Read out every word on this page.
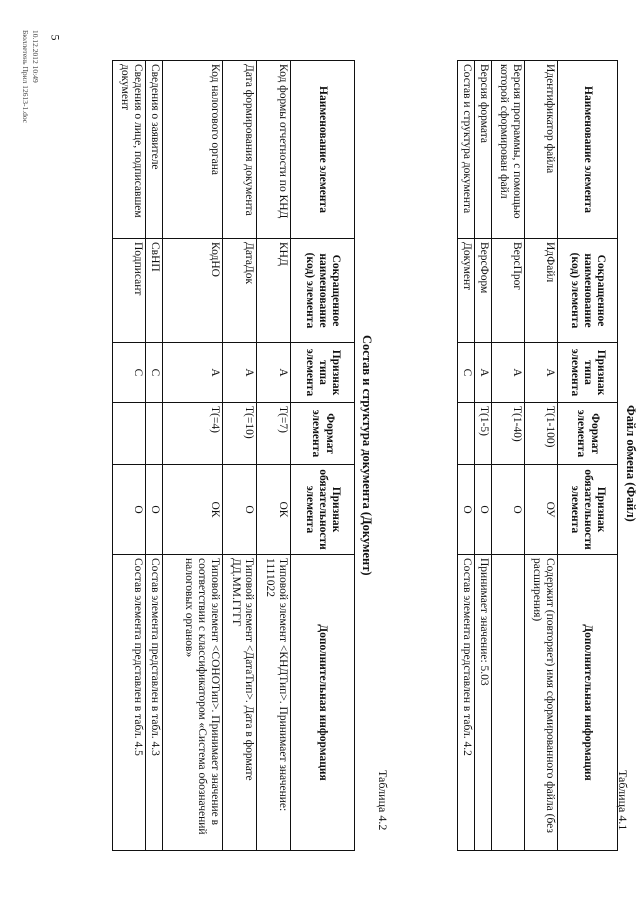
5
Таблица 4.1
Файл обмена (Файл)
Наименование элемента	Сокращенное наименование (код) элемента	Признак типа элемента	Формат элемента	Признак обязательности элемента	Дополнительная информация
Идентификатор файла	ИдФайл	А	T(1-100)	ОУ	Содержит (повторяет) имя сформированного файла (без расширения)
Версия программы, с помощью которой сформирован файл	ВерсПрог	А	T(1-40)	О	
Версия формата	ВерсФорм	А	T(1-5)	О	Принимает значение: 5.03
Состав и структура документа	Документ	С		О	Состав элемента представлен в табл. 4.2
Таблица 4.2
Состав и структура документа (Документ)
Наименование элемента	Сокращенное наименование (код) элемента	Признак типа элемента	Формат элемента	Признак обязательности элемента	Дополнительная информация
Код формы отчетности по КНД	КНД	А	T(=7)	ОК	Типовой элемент <КНДТип>. Принимает значение: 1111022
Дата формирования документа	ДатаДок	А	T(=10)	О	Типовой элемент <ДатаТип>. Дата в формате ДД.ММ.ГГГГ
Код налогового органа	КодНО	А	T(=4)	ОК	Типовой элемент <СОНОТип>. Принимает значение в соответствии с классификатором «Система обозначений налоговых органов»
Сведения о заявителе	СвНП	С		О	Состав элемента представлен в табл. 4.3
Сведения о лице, подписавшем документ	Подписант	С		О	Состав элемента представлен в табл. 4.5
10.12.2012 10:49
Бюллетень Прил 12613-1.doc
